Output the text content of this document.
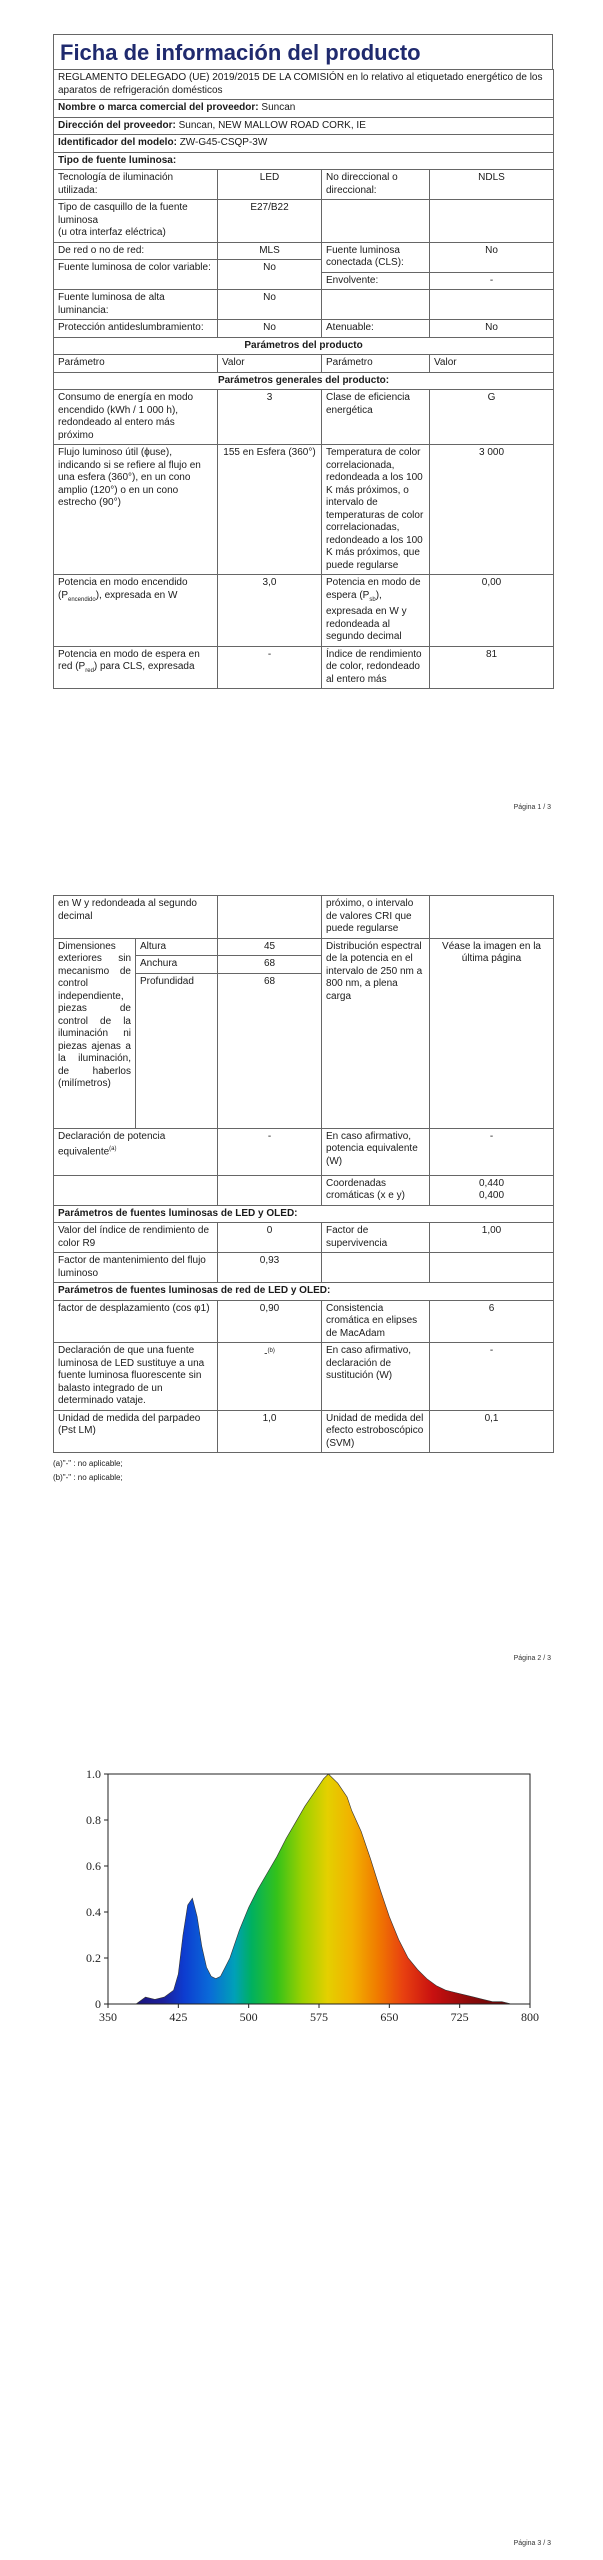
Ficha de información del producto
REGLAMENTO DELEGADO (UE) 2019/2015 DE LA COMISIÓN en lo relativo al etiquetado energético de los aparatos de refrigeración domésticos			
Nombre o marca comercial del proveedor: Suncan			
Dirección del proveedor: Suncan, NEW MALLOW ROAD CORK, IE			
Identificador del modelo: ZW-G45-CSQP-3W			
Tipo de fuente luminosa:			
Tecnología de iluminación utilizada:	LED	No direccional o direccional:	NDLS
Tipo de casquillo de la fuente luminosa
(u otra interfaz eléctrica)	E27/B22		
De red o no de red:	MLS	Fuente luminosa conectada (CLS):	No
Fuente luminosa de color variable:	No		
		Envolvente:	-
Fuente luminosa de alta luminancia:	No		
Protección antideslumbramiento:	No	Atenuable:	No
Parámetros del producto			
Parámetro	Valor	Parámetro	Valor
Parámetros generales del producto:			
Consumo de energía en modo encendido (kWh / 1 000 h), redondeado al entero más próximo	3	Clase de eficiencia energética	G
Flujo luminoso útil (ϕuse), indicando si se refiere al flujo en una esfera (360°), en un cono amplio (120°) o en un cono estrecho (90°)	155 en Esfera (360°)	Temperatura de color correlacionada, redondeada a los 100 K más próximos, o intervalo de temperaturas de color correlacionadas, redondeado a los 100 K más próximos, que puede regularse	3 000
Potencia en modo encendido $(P_{encendido})$, expresada en W	3,0	Potencia en modo de espera $(P_{sb})$, expresada en W y redondeada al segundo decimal	0,00
Potencia en modo de espera en red $(P_{red})$ para CLS, expresada	-	Índice de rendimiento de color, redondeado al entero más	81
Página 1 / 3
en W y redondeada al segundo decimal			próximo, o intervalo de valores CRI que puede regularse	
Dimensiones exteriores sin mecanismo de control independiente, piezas de control de la iluminación ni piezas ajenas a la iluminación, de haberlos (milímetros)	Altura	45	Distribución espectral de la potencia en el intervalo de 250 nm a 800 nm, a plena carga	Véase la imagen en la última página
	Anchura	68		
	Profundidad	68		
Declaración de potencia equivalente$^{(a)}$		-	En caso afirmativo, potencia equivalente (W)	-
			Coordenadas cromáticas (x e y)	0,440
0,400
Parámetros de fuentes luminosas de LED y OLED:				
Valor del índice de rendimiento de color R9		0	Factor de supervivencia	1,00
Factor de mantenimiento del flujo luminoso		0,93		
Parámetros de fuentes luminosas de red de LED y OLED:				
factor de desplazamiento (cos φ1)		0,90	Consistencia cromática en elipses de MacAdam	6
Declaración de que una fuente luminosa de LED sustituye a una fuente luminosa fluorescente sin balasto integrado de un determinado vataje.		-$^{(b)}$	En caso afirmativo, declaración de sustitución (W)	-
Unidad de medida del parpadeo (Pst LM)		1,0	Unidad de medida del efecto estroboscópico (SVM)	0,1
(a)"-" : no aplicable;
(b)"-" : no aplicable;
Página 2 / 3
350	425	500	575	650	725	800
0
0.2
0.4
0.6
0.8
1.0
Página 3 / 3
